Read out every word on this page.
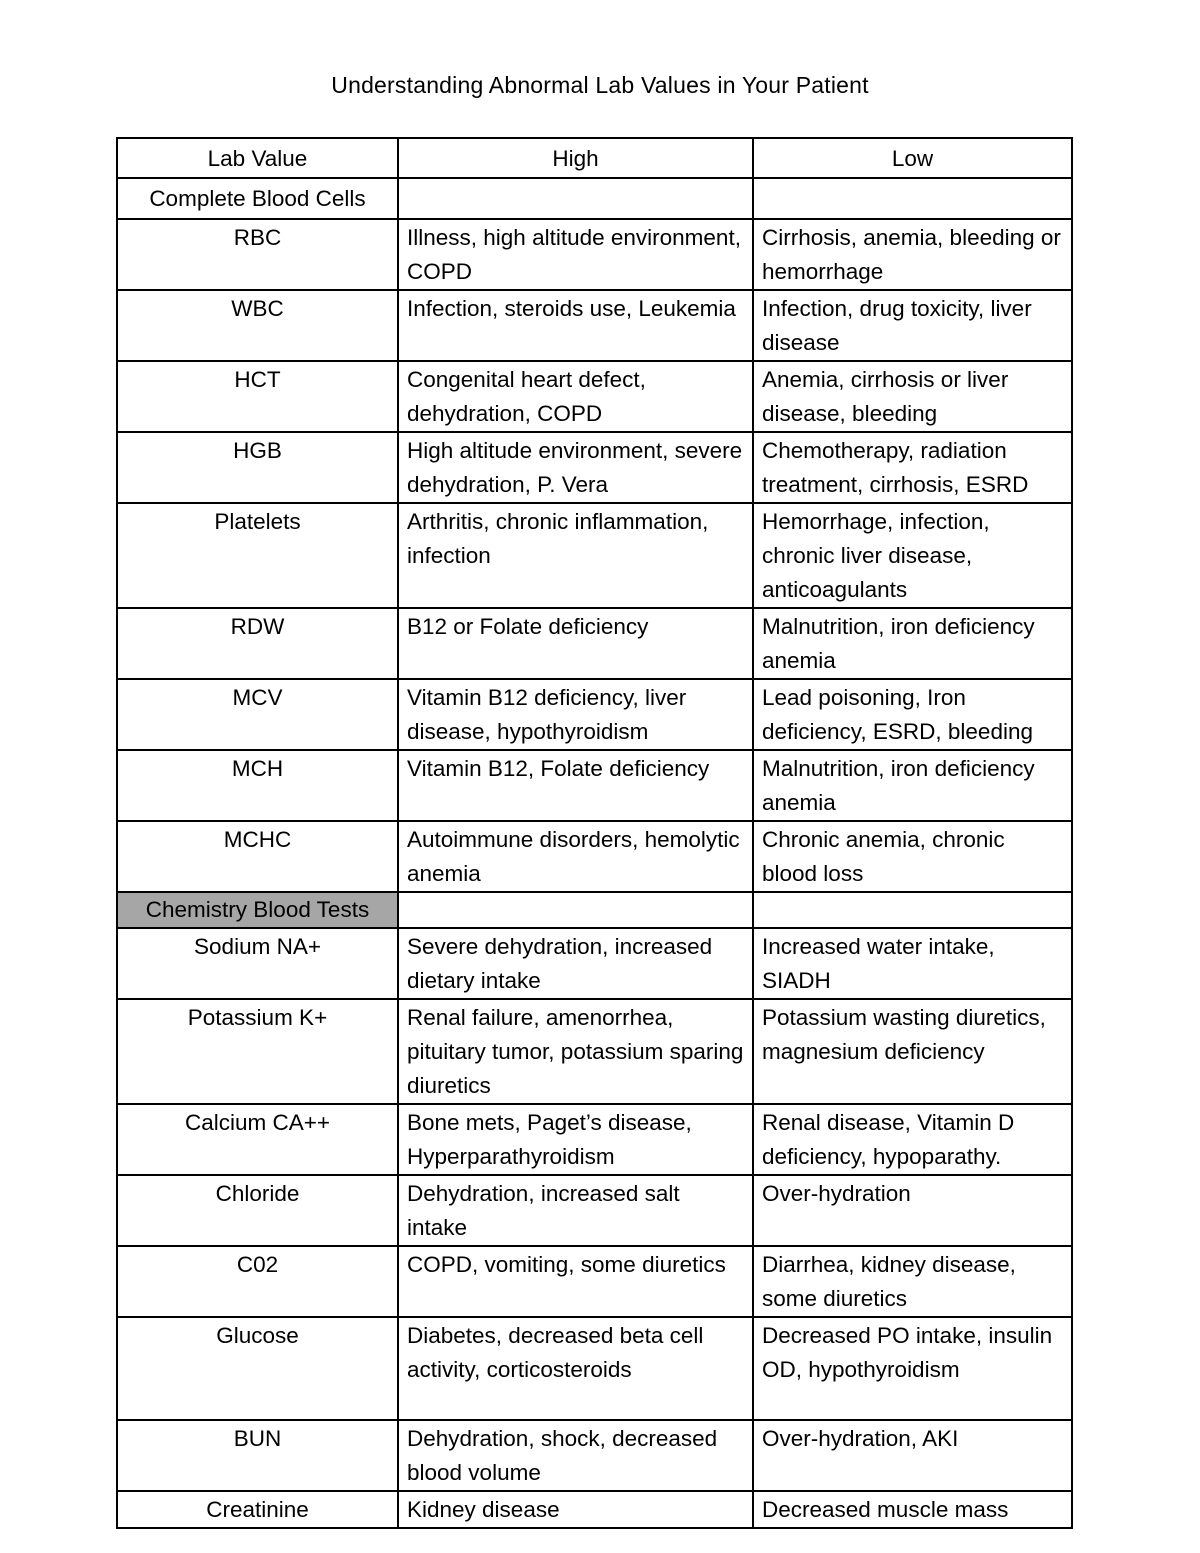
Understanding Abnormal Lab Values in Your Patient
Lab Value	High	Low
Complete Blood Cells		
RBC	Illness, high altitude environment, COPD	Cirrhosis, anemia, bleeding or hemorrhage
WBC	Infection, steroids use, Leukemia	Infection, drug toxicity, liver disease
HCT	Congenital heart defect, dehydration, COPD	Anemia, cirrhosis or liver disease, bleeding
HGB	High altitude environment, severe dehydration, P. Vera	Chemotherapy, radiation treatment, cirrhosis, ESRD
Platelets	Arthritis, chronic inflammation, infection	Hemorrhage, infection, chronic liver disease, anticoagulants
RDW	B12 or Folate deficiency	Malnutrition, iron deficiency anemia
MCV	Vitamin B12 deficiency, liver disease, hypothyroidism	Lead poisoning, Iron deficiency, ESRD, bleeding
MCH	Vitamin B12, Folate deficiency	Malnutrition, iron deficiency anemia
MCHC	Autoimmune disorders, hemolytic anemia	Chronic anemia, chronic blood loss
Chemistry Blood Tests		
Sodium NA+	Severe dehydration, increased dietary intake	Increased water intake, SIADH
Potassium K+	Renal failure, amenorrhea, pituitary tumor, potassium sparing diuretics	Potassium wasting diuretics, magnesium deficiency
Calcium CA++	Bone mets, Paget’s disease, Hyperparathyroidism	Renal disease, Vitamin D deficiency, hypoparathy.
Chloride	Dehydration, increased salt intake	Over-hydration
C02	COPD, vomiting, some diuretics	Diarrhea, kidney disease, some diuretics
Glucose	Diabetes, decreased beta cell activity, corticosteroids	Decreased PO intake, insulin OD, hypothyroidism
BUN	Dehydration, shock, decreased blood volume	Over-hydration, AKI
Creatinine	Kidney disease	Decreased muscle mass
